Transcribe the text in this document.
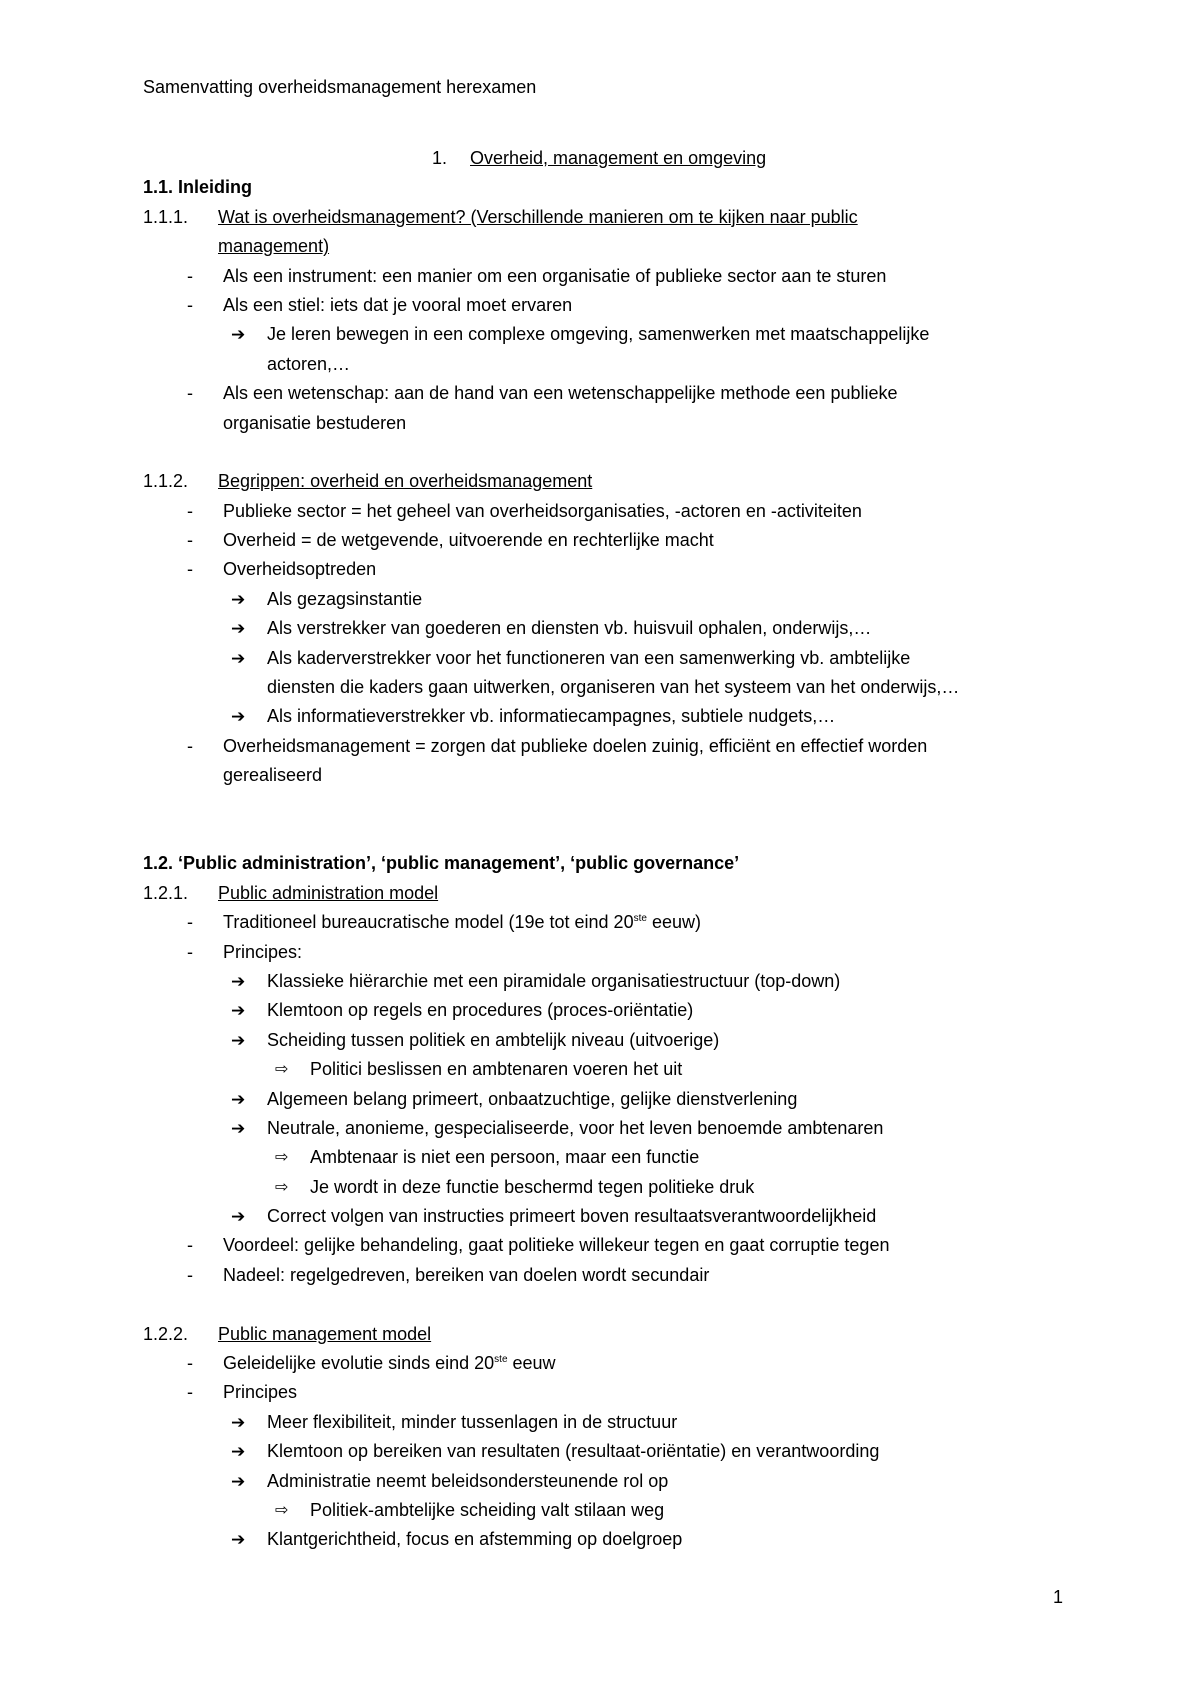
Samenvatting overheidsmanagement herexamen
1. Overheid, management en omgeving
1.1. Inleiding
1.1.1. Wat is overheidsmanagement? (Verschillende manieren om te kijken naar public
management)
- Als een instrument: een manier om een organisatie of publieke sector aan te sturen
- Als een stiel: iets dat je vooral moet ervaren
➔ Je leren bewegen in een complexe omgeving, samenwerken met maatschappelijke
actoren,…
- Als een wetenschap: aan de hand van een wetenschappelijke methode een publieke
organisatie bestuderen
1.1.2. Begrippen: overheid en overheidsmanagement
- Publieke sector = het geheel van overheidsorganisaties, -actoren en -activiteiten
- Overheid = de wetgevende, uitvoerende en rechterlijke macht
- Overheidsoptreden
➔ Als gezagsinstantie
➔ Als verstrekker van goederen en diensten vb. huisvuil ophalen, onderwijs,…
➔ Als kaderverstrekker voor het functioneren van een samenwerking vb. ambtelijke
diensten die kaders gaan uitwerken, organiseren van het systeem van het onderwijs,…
➔ Als informatieverstrekker vb. informatiecampagnes, subtiele nudgets,…
- Overheidsmanagement = zorgen dat publieke doelen zuinig, efficiënt en effectief worden
gerealiseerd
1.2. ‘Public administration’, ‘public management’, ‘public governance’
1.2.1. Public administration model
- Traditioneel bureaucratische model (19e tot eind 20ste eeuw)
- Principes:
➔ Klassieke hiërarchie met een piramidale organisatiestructuur (top-down)
➔ Klemtoon op regels en procedures (proces-oriëntatie)
➔ Scheiding tussen politiek en ambtelijk niveau (uitvoerige)
⇨ Politici beslissen en ambtenaren voeren het uit
➔ Algemeen belang primeert, onbaatzuchtige, gelijke dienstverlening
➔ Neutrale, anonieme, gespecialiseerde, voor het leven benoemde ambtenaren
⇨ Ambtenaar is niet een persoon, maar een functie
⇨ Je wordt in deze functie beschermd tegen politieke druk
➔ Correct volgen van instructies primeert boven resultaatsverantwoordelijkheid
- Voordeel: gelijke behandeling, gaat politieke willekeur tegen en gaat corruptie tegen
- Nadeel: regelgedreven, bereiken van doelen wordt secundair
1.2.2. Public management model
- Geleidelijke evolutie sinds eind 20ste eeuw
- Principes
➔ Meer flexibiliteit, minder tussenlagen in de structuur
➔ Klemtoon op bereiken van resultaten (resultaat-oriëntatie) en verantwoording
➔ Administratie neemt beleidsondersteunende rol op
⇨ Politiek-ambtelijke scheiding valt stilaan weg
➔ Klantgerichtheid, focus en afstemming op doelgroep
1
